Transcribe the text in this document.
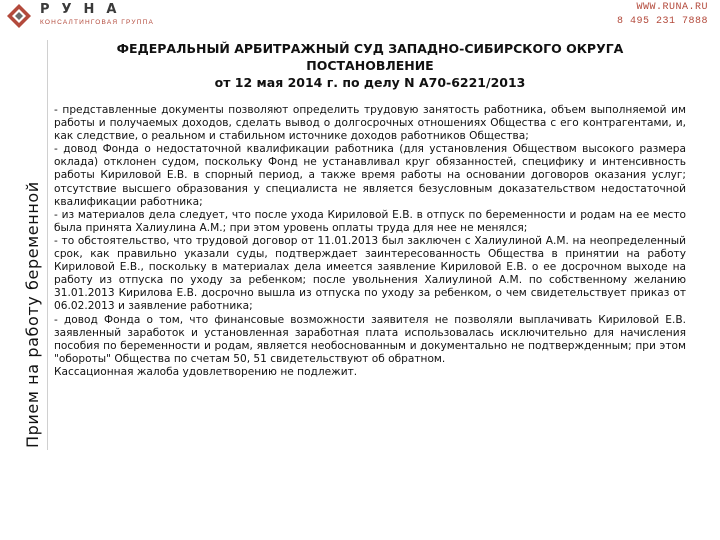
РУНА
КОНСАЛТИНГОВАЯ ГРУППА
WWW.RUNA.RU
8 495 231 7888
Прием на работу беременной
ФЕДЕРАЛЬНЫЙ АРБИТРАЖНЫЙ СУД ЗАПАДНО-СИБИРСКОГО ОКРУГА
ПОСТАНОВЛЕНИЕ
от 12 мая 2014 г. по делу N А70-6221/2013

- представленные документы позволяют определить трудовую занятость работника, объем выполняемой им работы и получаемых доходов, сделать вывод о долгосрочных отношениях Общества с его контрагентами, и, как следствие, о реальном и стабильном источнике доходов работников Общества;

- довод Фонда о недостаточной квалификации работника (для установления Обществом высокого размера оклада) отклонен судом, поскольку Фонд не устанавливал круг обязанностей, специфику и интенсивность работы Кириловой Е.В. в спорный период, а также время работы на основании договоров оказания услуг; отсутствие высшего образования у специалиста не является безусловным доказательством недостаточной квалификации работника;

- из материалов дела следует, что после ухода Кириловой Е.В. в отпуск по беременности и родам на ее место была принята Халиулина А.М.; при этом уровень оплаты труда для нее не менялся;

- то обстоятельство, что трудовой договор от 11.01.2013 был заключен с Халиулиной А.М. на неопределенный срок, как правильно указали суды, подтверждает заинтересованность Общества в принятии на работу Кириловой Е.В., поскольку в материалах дела имеется заявление Кириловой Е.В. о ее досрочном выходе на работу из отпуска по уходу за ребенком; после увольнения Халиулиной А.М. по собственному желанию 31.01.2013 Кирилова Е.В. досрочно вышла из отпуска по уходу за ребенком, о чем свидетельствует приказ от 06.02.2013 и заявление работника;

- довод Фонда о том, что финансовые возможности заявителя не позволяли выплачивать Кириловой Е.В. заявленный заработок и установленная заработная плата использовалась исключительно для начисления пособия по беременности и родам, является необоснованным и документально не подтвержденным; при этом "обороты" Общества по счетам 50, 51 свидетельствуют об обратном.

Кассационная жалоба удовлетворению не подлежит.
